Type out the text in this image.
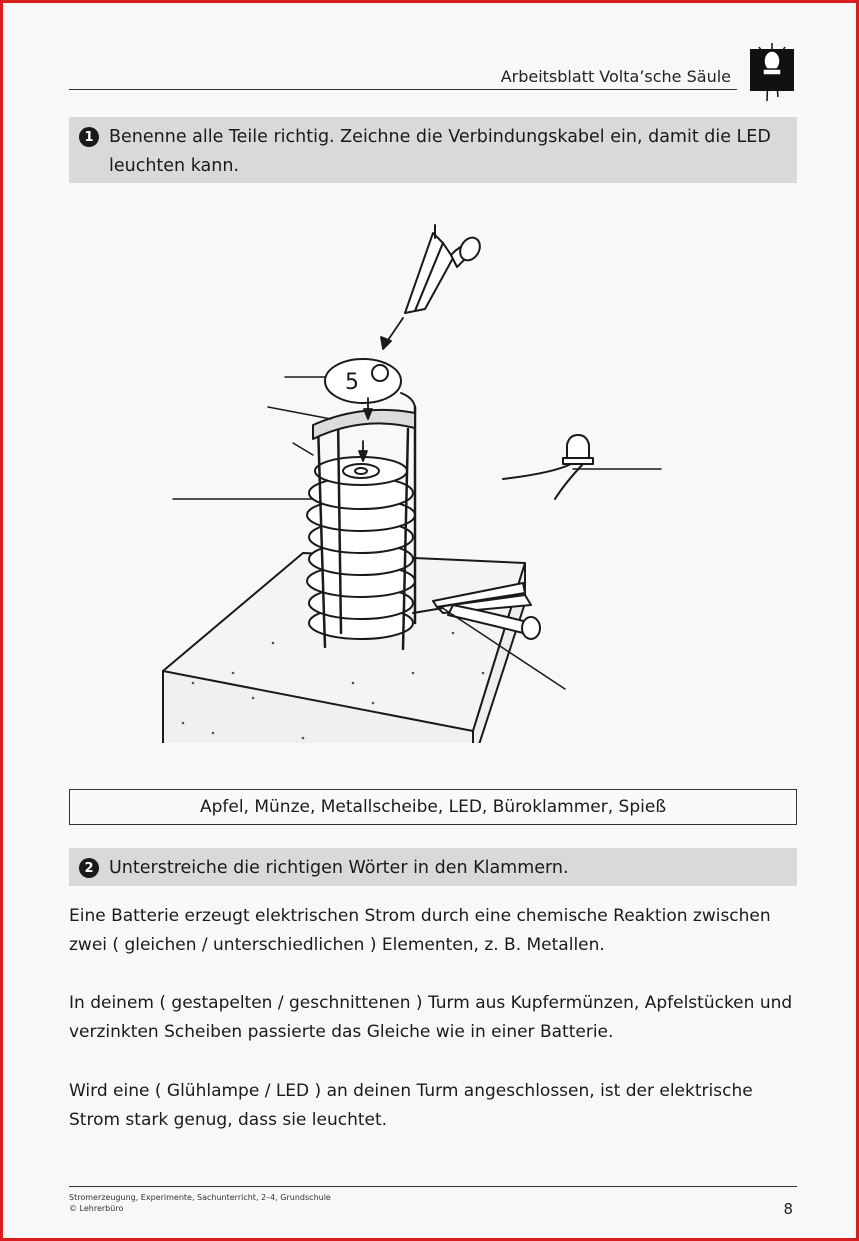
Arbeitsblatt Volta’sche Säule
1 Benenne alle Teile richtig. Zeichne die Verbindungskabel ein, damit die LED leuchten kann.
5
Apfel, Münze, Metallscheibe, LED, Büroklammer, Spieß
2 Unterstreiche die richtigen Wörter in den Klammern.

Eine Batterie erzeugt elektrischen Strom durch eine chemische Reaktion zwischen zwei ( gleichen / unterschiedlichen ) Elementen, z. B. Metallen.

In deinem ( gestapelten / geschnittenen ) Turm aus Kupfermünzen, Apfelstücken und verzinkten Scheiben passierte das Gleiche wie in einer Batterie.

Wird eine ( Glühlampe / LED ) an deinen Turm angeschlossen, ist der elektrische Strom stark genug, dass sie leuchtet.

Stromerzeugung, Experimente, Sachunterricht, 2–4, Grundschule
© Lehrerbüro	8
